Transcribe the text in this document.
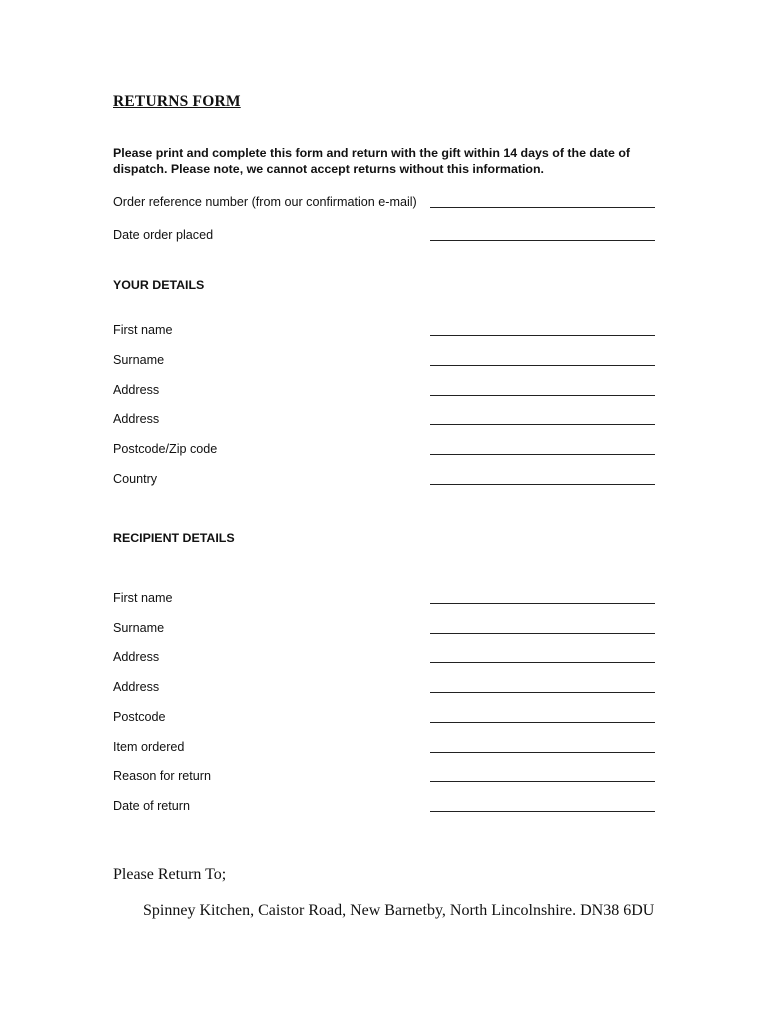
RETURNS FORM
Please print and complete this form and return with the gift within 14 days of the date of
dispatch. Please note, we cannot accept returns without this information.
Order reference number (from our confirmation e-mail)
Date order placed
YOUR DETAILS
First name
Surname
Address
Address
Postcode/Zip code
Country
RECIPIENT DETAILS
First name
Surname
Address
Address
Postcode
Item ordered
Reason for return
Date of return
Please Return To;
Spinney Kitchen, Caistor Road, New Barnetby, North Lincolnshire. DN38 6DU
